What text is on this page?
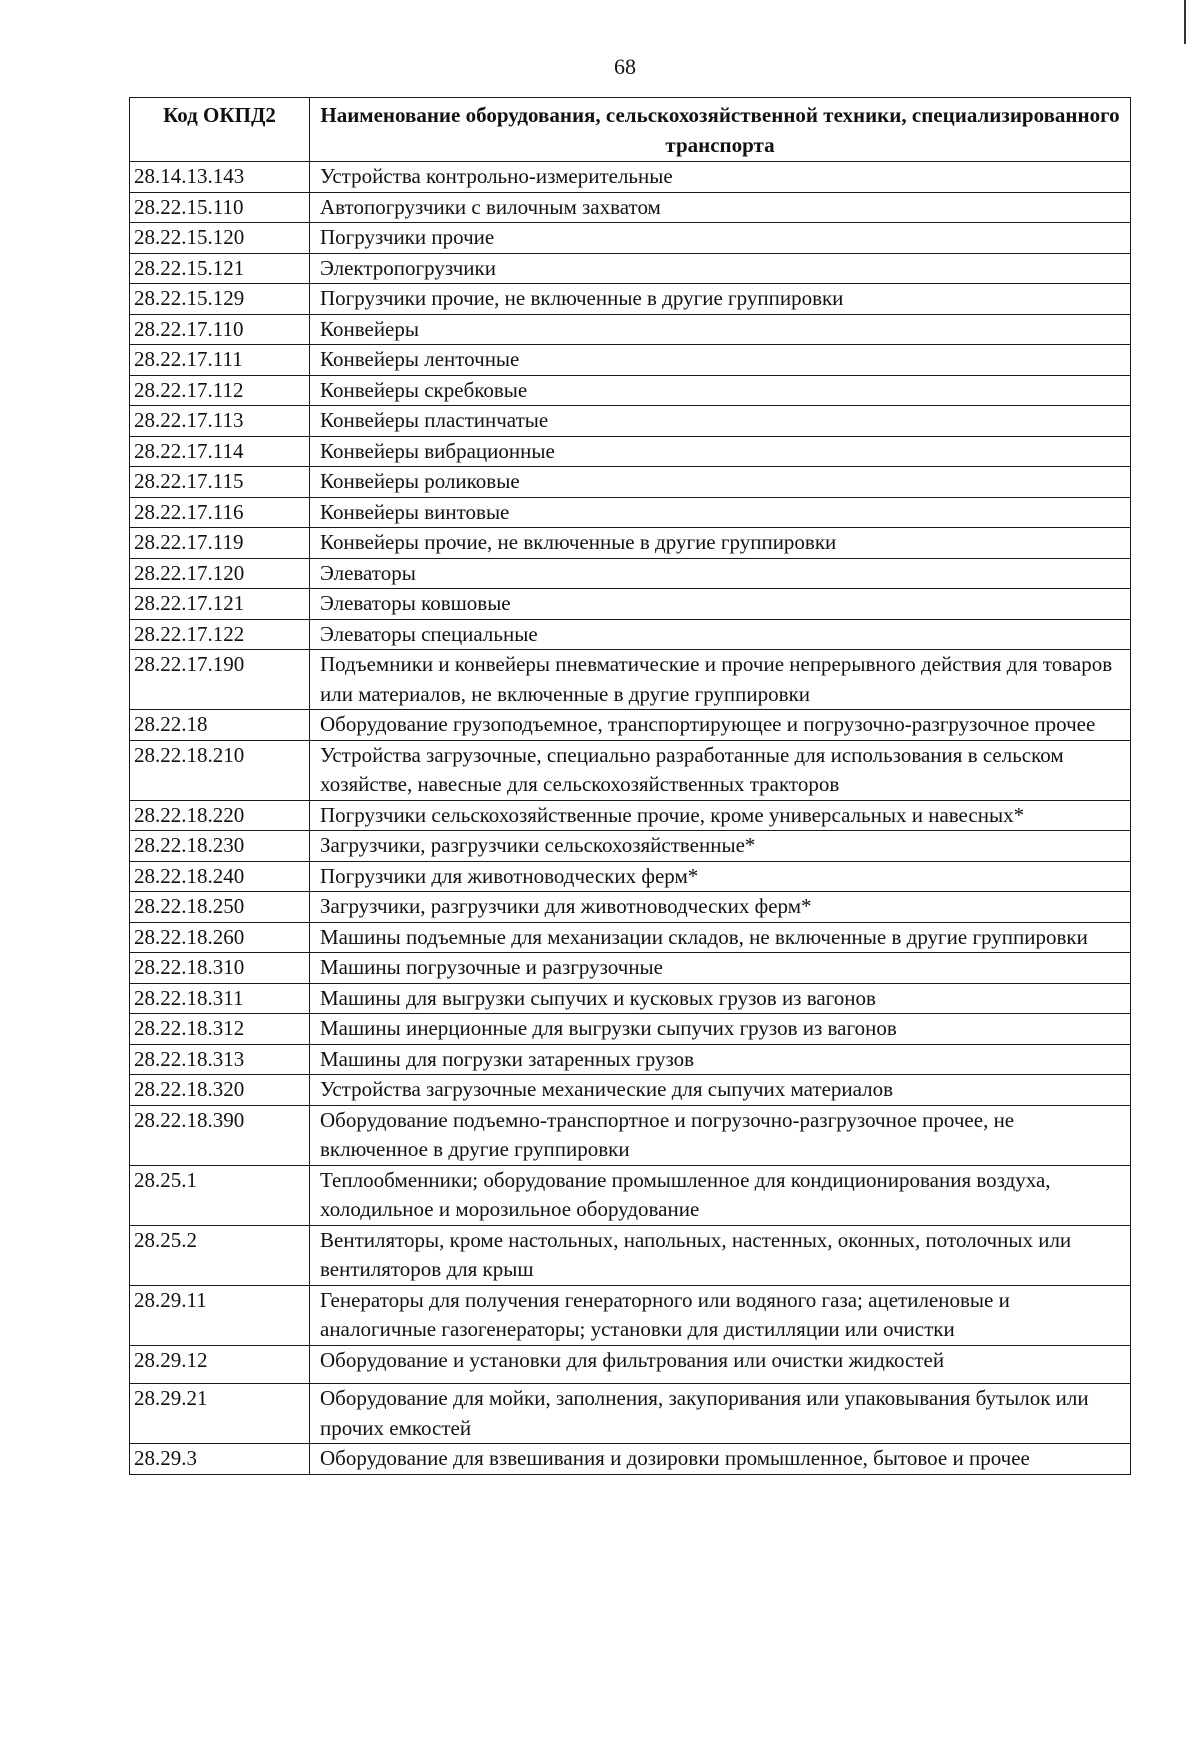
68
Код ОКПД2	Наименование оборудования, сельскохозяйственной техники, специализированного транспорта
28.14.13.143	Устройства контрольно-измерительные
28.22.15.110	Автопогрузчики с вилочным захватом
28.22.15.120	Погрузчики прочие
28.22.15.121	Электропогрузчики
28.22.15.129	Погрузчики прочие, не включенные в другие группировки
28.22.17.110	Конвейеры
28.22.17.111	Конвейеры ленточные
28.22.17.112	Конвейеры скребковые
28.22.17.113	Конвейеры пластинчатые
28.22.17.114	Конвейеры вибрационные
28.22.17.115	Конвейеры роликовые
28.22.17.116	Конвейеры винтовые
28.22.17.119	Конвейеры прочие, не включенные в другие группировки
28.22.17.120	Элеваторы
28.22.17.121	Элеваторы ковшовые
28.22.17.122	Элеваторы специальные
28.22.17.190	Подъемники и конвейеры пневматические и прочие непрерывного действия для товаров или материалов, не включенные в другие группировки
28.22.18	Оборудование грузоподъемное, транспортирующее и погрузочно-разгрузочное прочее
28.22.18.210	Устройства загрузочные, специально разработанные для использования в сельском хозяйстве, навесные для сельскохозяйственных тракторов
28.22.18.220	Погрузчики сельскохозяйственные прочие, кроме универсальных и навесных*
28.22.18.230	Загрузчики, разгрузчики сельскохозяйственные*
28.22.18.240	Погрузчики для животноводческих ферм*
28.22.18.250	Загрузчики, разгрузчики для животноводческих ферм*
28.22.18.260	Машины подъемные для механизации складов, не включенные в другие группировки
28.22.18.310	Машины погрузочные и разгрузочные
28.22.18.311	Машины для выгрузки сыпучих и кусковых грузов из вагонов
28.22.18.312	Машины инерционные для выгрузки сыпучих грузов из вагонов
28.22.18.313	Машины для погрузки затаренных грузов
28.22.18.320	Устройства загрузочные механические для сыпучих материалов
28.22.18.390	Оборудование подъемно-транспортное и погрузочно-разгрузочное прочее, не включенное в другие группировки
28.25.1	Теплообменники; оборудование промышленное для кондиционирования воздуха, холодильное и морозильное оборудование
28.25.2	Вентиляторы, кроме настольных, напольных, настенных, оконных, потолочных или вентиляторов для крыш
28.29.11	Генераторы для получения генераторного или водяного газа; ацетиленовые и аналогичные газогенераторы; установки для дистилляции или очистки
28.29.12	Оборудование и установки для фильтрования или очистки жидкостей
28.29.21	Оборудование для мойки, заполнения, закупоривания или упаковывания бутылок или прочих емкостей
28.29.3	Оборудование для взвешивания и дозировки промышленное, бытовое и прочее
